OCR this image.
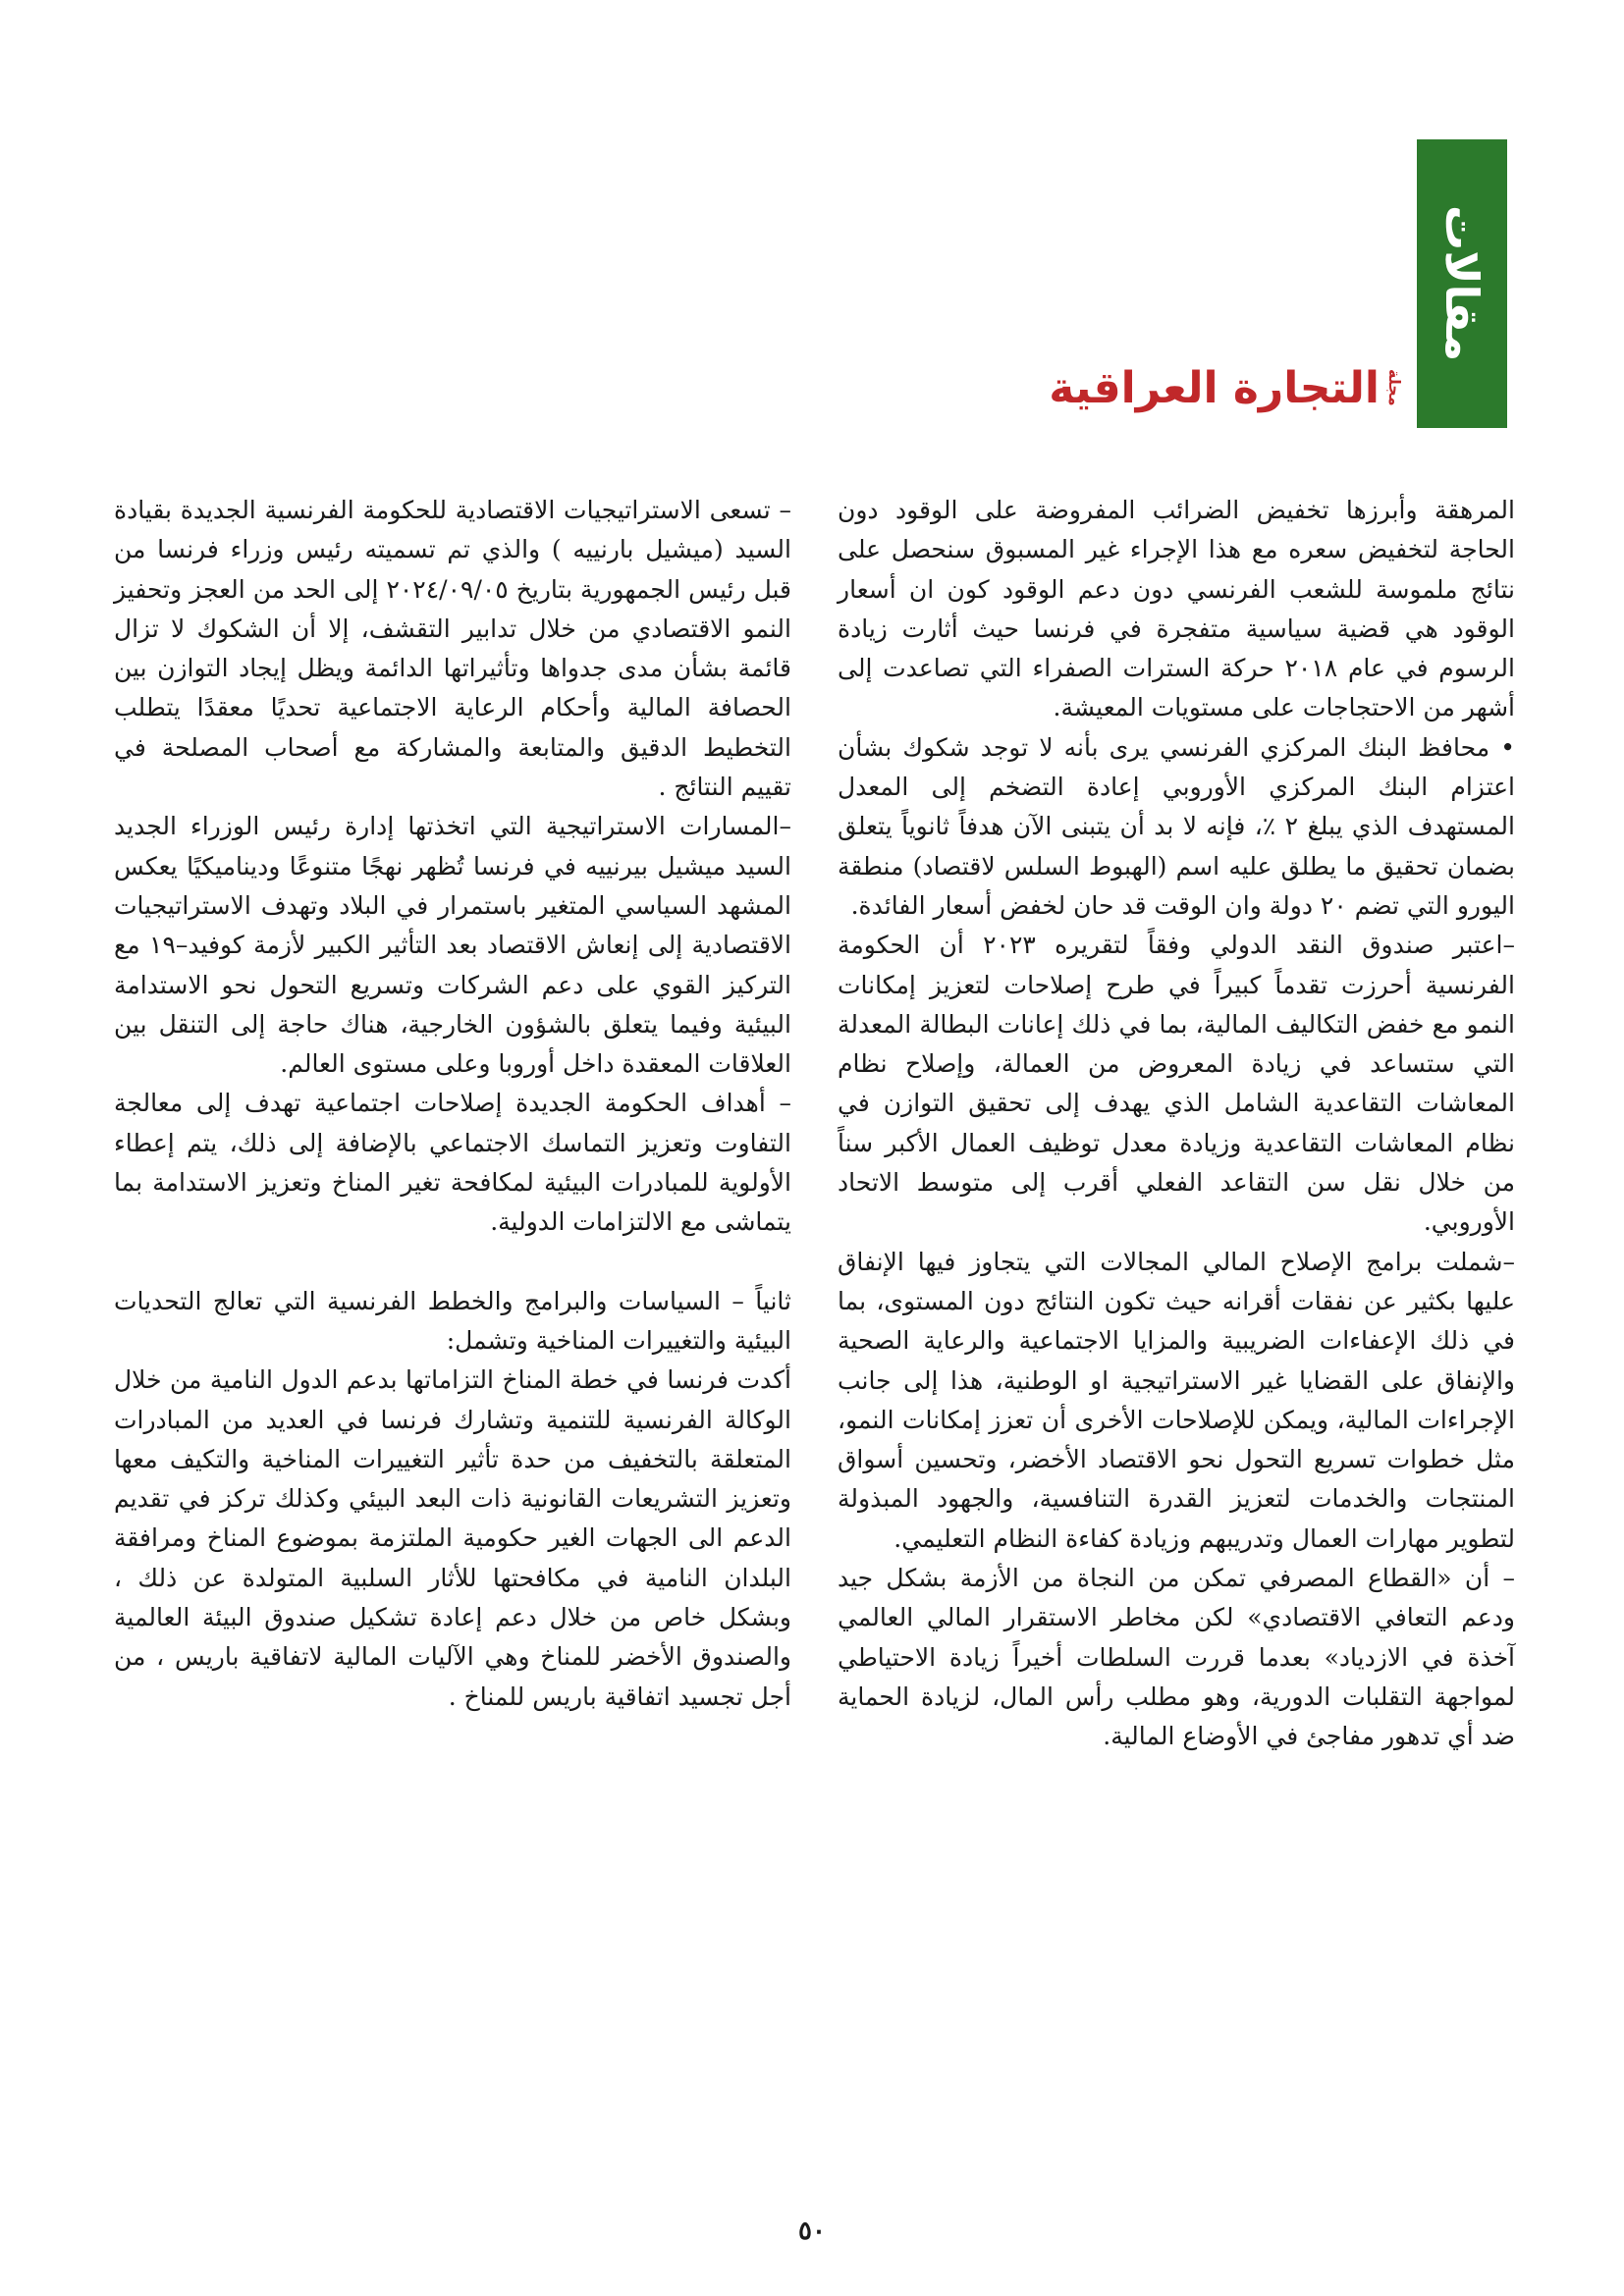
مقالات
مجلة
التجارة العراقية

المرهقة وأبرزها تخفيض الضرائب المفروضة على الوقود دون الحاجة لتخفيض سعره مع هذا الإجراء غير المسبوق سنحصل على نتائج ملموسة للشعب الفرنسي دون دعم الوقود كون ان أسعار الوقود هي قضية سياسية متفجرة في فرنسا حيث أثارت زيادة الرسوم في عام ٢٠١٨ حركة السترات الصفراء التي تصاعدت إلى أشهر من الاحتجاجات على مستويات المعيشة.

• محافظ البنك المركزي الفرنسي يرى بأنه لا توجد شكوك بشأن اعتزام البنك المركزي الأوروبي إعادة التضخم إلى المعدل المستهدف الذي يبلغ ٢ ٪، فإنه لا بد أن يتبنى الآن هدفاً ثانوياً يتعلق بضمان تحقيق ما يطلق عليه اسم (الهبوط السلس لاقتصاد) منطقة اليورو التي تضم ٢٠ دولة وان الوقت قد حان لخفض أسعار الفائدة.

–اعتبر صندوق النقد الدولي وفقاً لتقريره ٢٠٢٣ أن الحكومة الفرنسية أحرزت تقدماً كبيراً في طرح إصلاحات لتعزيز إمكانات النمو مع خفض التكاليف المالية، بما في ذلك إعانات البطالة المعدلة التي ستساعد في زيادة المعروض من العمالة، وإصلاح نظام المعاشات التقاعدية الشامل الذي يهدف إلى تحقيق التوازن في نظام المعاشات التقاعدية وزيادة معدل توظيف العمال الأكبر سناً من خلال نقل سن التقاعد الفعلي أقرب إلى متوسط الاتحاد الأوروبي.

–شملت برامج الإصلاح المالي المجالات التي يتجاوز فيها الإنفاق عليها بكثير عن نفقات أقرانه حيث تكون النتائج دون المستوى، بما في ذلك الإعفاءات الضريبية والمزايا الاجتماعية والرعاية الصحية والإنفاق على القضايا غير الاستراتيجية او الوطنية، هذا إلى جانب الإجراءات المالية، ويمكن للإصلاحات الأخرى أن تعزز إمكانات النمو، مثل خطوات تسريع التحول نحو الاقتصاد الأخضر، وتحسين أسواق المنتجات والخدمات لتعزيز القدرة التنافسية، والجهود المبذولة لتطوير مهارات العمال وتدريبهم وزيادة كفاءة النظام التعليمي.

– أن «القطاع المصرفي تمكن من النجاة من الأزمة بشكل جيد ودعم التعافي الاقتصادي» لكن مخاطر الاستقرار المالي العالمي آخذة في الازدياد» بعدما قررت السلطات أخيراً زيادة الاحتياطي لمواجهة التقلبات الدورية، وهو مطلب رأس المال، لزيادة الحماية ضد أي تدهور مفاجئ في الأوضاع المالية.

– تسعى الاستراتيجيات الاقتصادية للحكومة الفرنسية الجديدة بقيادة السيد (ميشيل بارنييه ) والذي تم تسميته رئيس وزراء فرنسا من قبل رئيس الجمهورية بتاريخ ٢٠٢٤/٠٩/٠٥ إلى الحد من العجز وتحفيز النمو الاقتصادي من خلال تدابير التقشف، إلا أن الشكوك لا تزال قائمة بشأن مدى جدواها وتأثيراتها الدائمة ويظل إيجاد التوازن بين الحصافة المالية وأحكام الرعاية الاجتماعية تحديًا معقدًا يتطلب التخطيط الدقيق والمتابعة والمشاركة مع أصحاب المصلحة في تقييم النتائج .

–المسارات الاستراتيجية التي اتخذتها إدارة رئيس الوزراء الجديد السيد ميشيل بيرنييه في فرنسا تُظهر نهجًا متنوعًا وديناميكيًا يعكس المشهد السياسي المتغير باستمرار في البلاد وتهدف الاستراتيجيات الاقتصادية إلى إنعاش الاقتصاد بعد التأثير الكبير لأزمة كوفيد–١٩ مع التركيز القوي على دعم الشركات وتسريع التحول نحو الاستدامة البيئية وفيما يتعلق بالشؤون الخارجية، هناك حاجة إلى التنقل بين العلاقات المعقدة داخل أوروبا وعلى مستوى العالم.

– أهداف الحكومة الجديدة إصلاحات اجتماعية تهدف إلى معالجة التفاوت وتعزيز التماسك الاجتماعي بالإضافة إلى ذلك، يتم إعطاء الأولوية للمبادرات البيئية لمكافحة تغير المناخ وتعزيز الاستدامة بما يتماشى مع الالتزامات الدولية.

ثانياً – السياسات والبرامج والخطط الفرنسية التي تعالج التحديات البيئية والتغييرات المناخية وتشمل:

أكدت فرنسا في خطة المناخ التزاماتها بدعم الدول النامية من خلال الوكالة الفرنسية للتنمية وتشارك فرنسا في العديد من المبادرات المتعلقة بالتخفيف من حدة تأثير التغييرات المناخية والتكيف معها وتعزيز التشريعات القانونية ذات البعد البيئي وكذلك تركز في تقديم الدعم الى الجهات الغير حكومية الملتزمة بموضوع المناخ ومرافقة البلدان النامية في مكافحتها للأثار السلبية المتولدة عن ذلك ، وبشكل خاص من خلال دعم إعادة تشكيل صندوق البيئة العالمية والصندوق الأخضر للمناخ وهي الآليات المالية لاتفاقية باريس ، من أجل تجسيد اتفاقية باريس للمناخ .

٥٠
